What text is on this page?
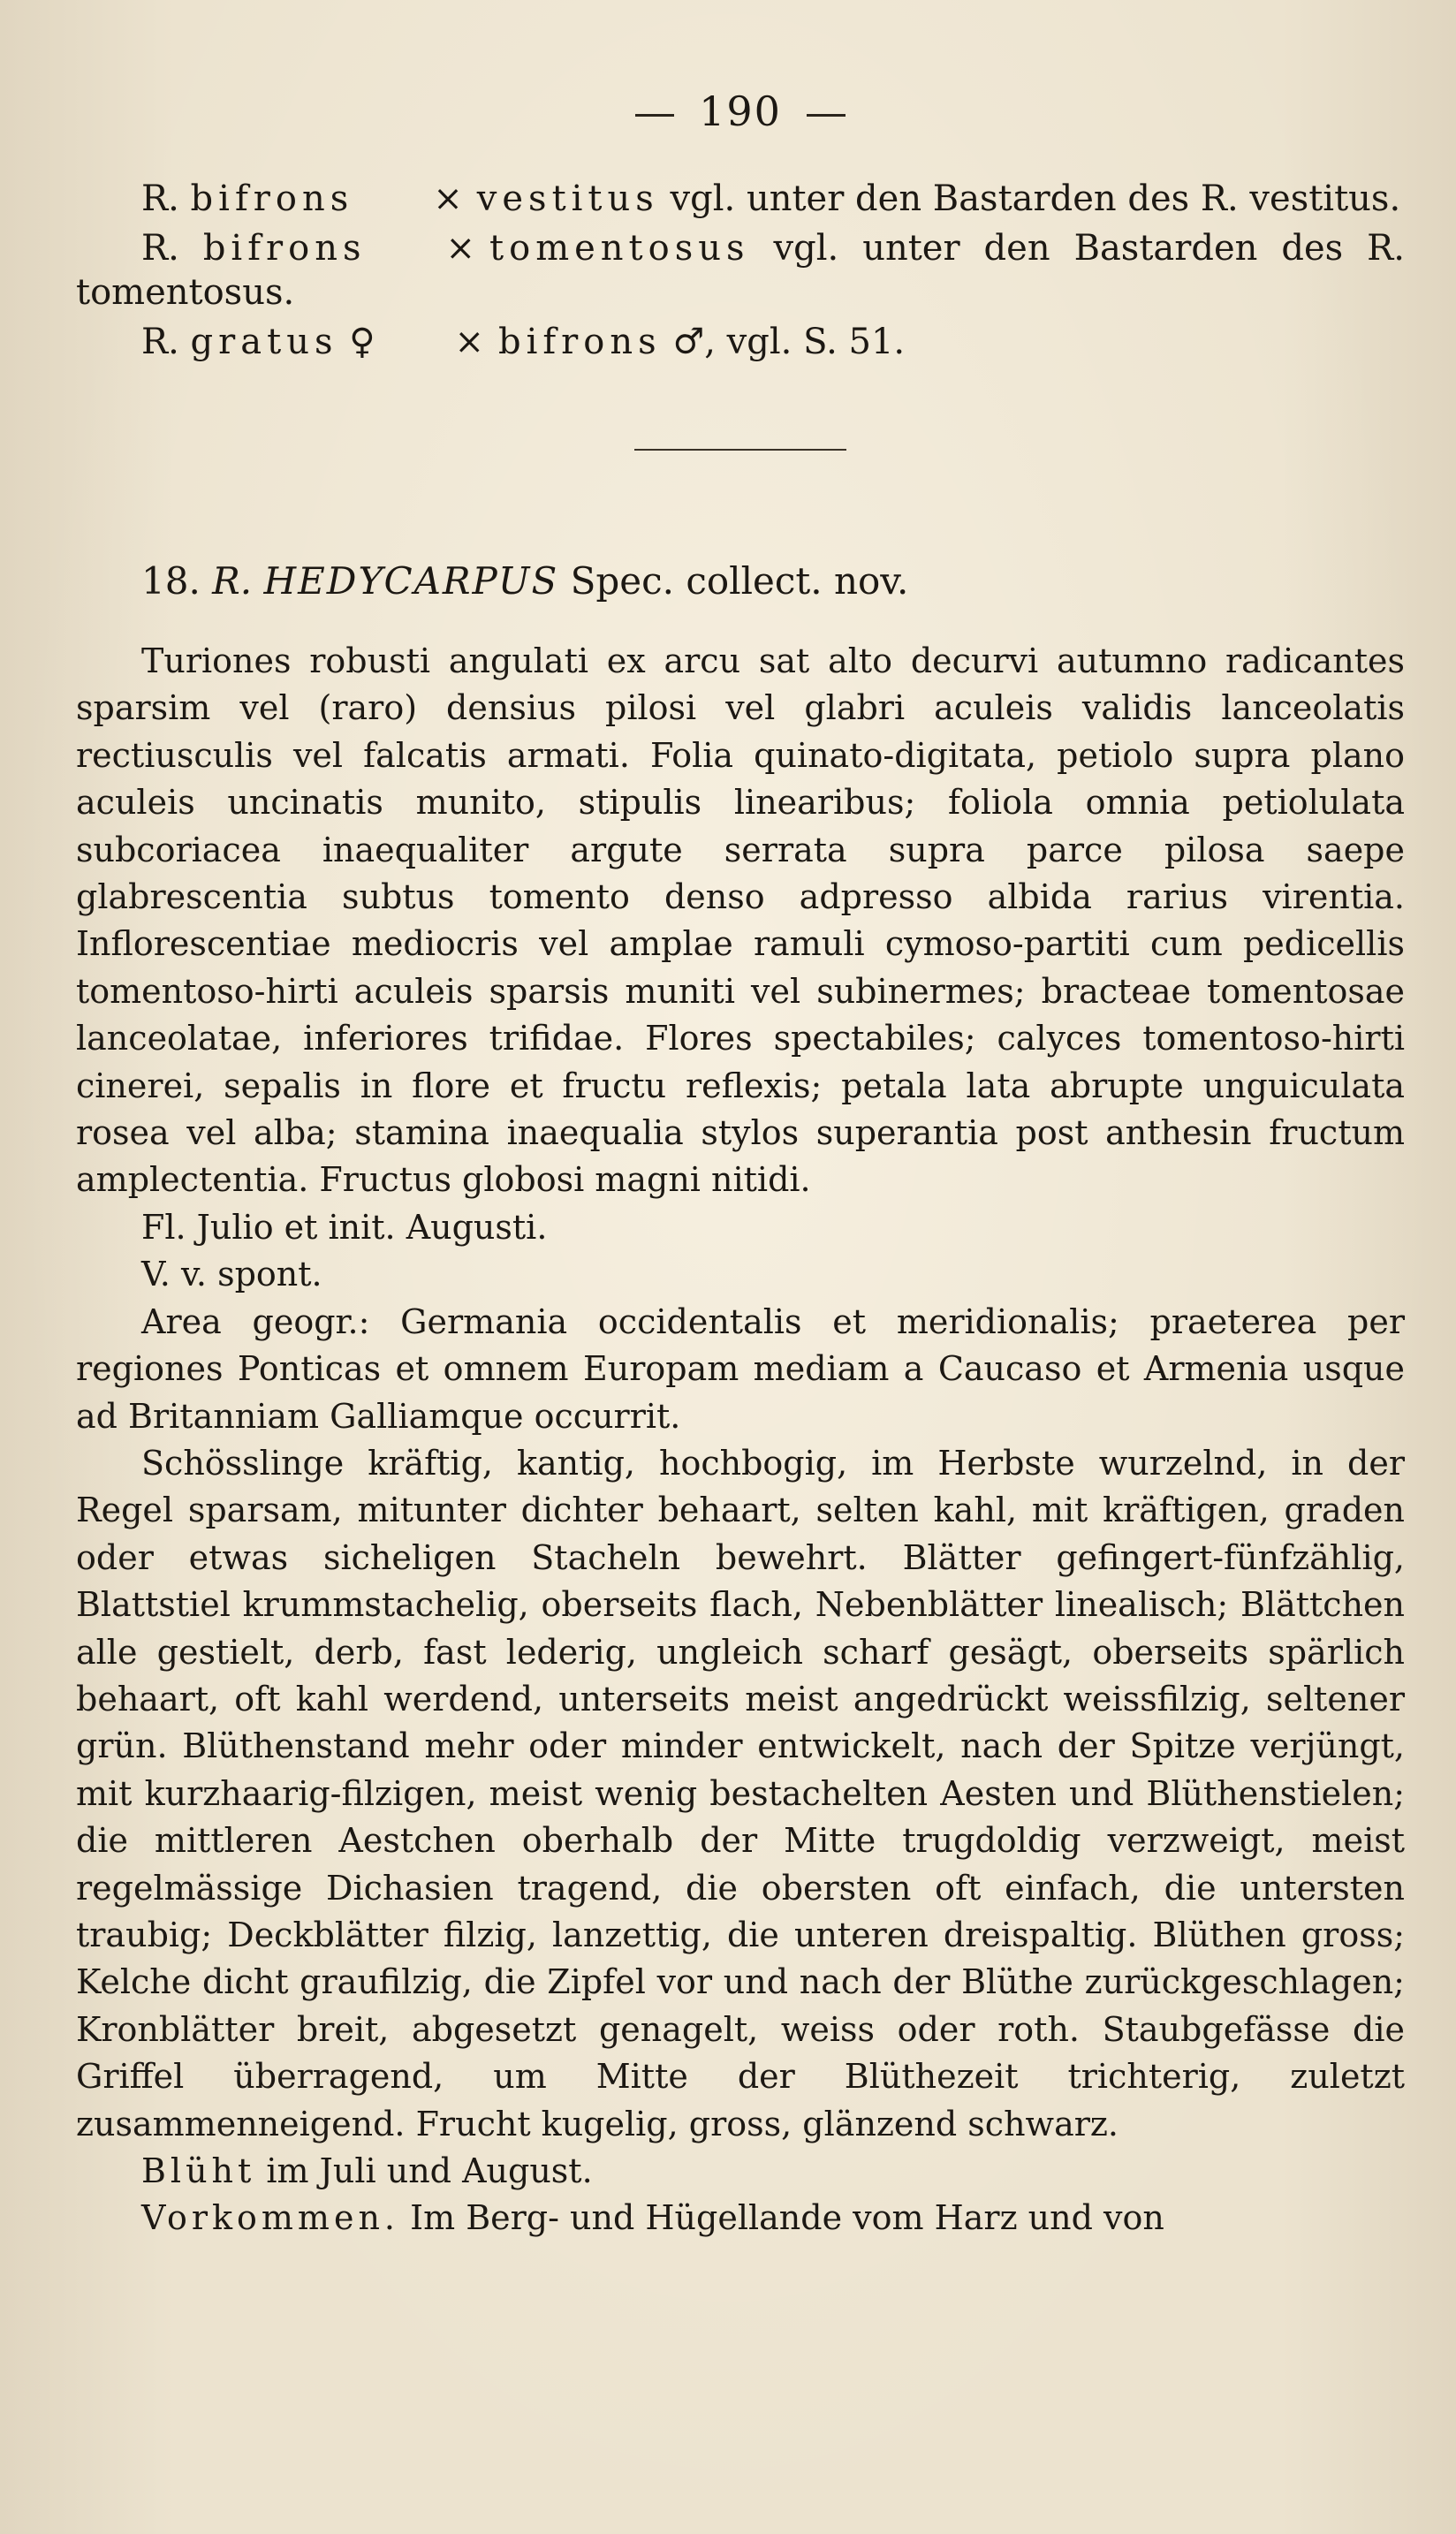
190

R. bifrons × vestitus vgl. unter den Bastarden des R. vestitus.

R. bifrons × tomentosus vgl. unter den Bastarden des R. tomentosus.

R. gratus ♀ × bifrons ♂, vgl. S. 51.

18. R. HEDYCARPUS Spec. collect. nov.

Turiones robusti angulati ex arcu sat alto decurvi autumno radicantes sparsim vel (raro) densius pilosi vel glabri aculeis validis lanceolatis rectiusculis vel falcatis armati. Folia quinato-digitata, petiolo supra plano aculeis uncinatis munito, stipulis linearibus; foliola omnia petiolulata subcoriacea inaequaliter argute serrata supra parce pilosa saepe glabrescentia subtus tomento denso adpresso albida rarius virentia. Inflorescentiae mediocris vel amplae ramuli cymoso-partiti cum pedicellis tomentoso-hirti aculeis sparsis muniti vel subinermes; bracteae tomentosae lanceolatae, inferiores trifidae. Flores spectabiles; calyces tomentoso-hirti cinerei, sepalis in flore et fructu reflexis; petala lata abrupte unguiculata rosea vel alba; stamina inaequalia stylos superantia post anthesin fructum amplectentia. Fructus globosi magni nitidi.

Fl. Julio et init. Augusti.

V. v. spont.

Area geogr.: Germania occidentalis et meridionalis; praeterea per regiones Ponticas et omnem Europam mediam a Caucaso et Armenia usque ad Britanniam Galliamque occurrit.

Schösslinge kräftig, kantig, hochbogig, im Herbste wurzelnd, in der Regel sparsam, mitunter dichter behaart, selten kahl, mit kräftigen, graden oder etwas sicheligen Stacheln bewehrt. Blätter gefingert-fünfzählig, Blattstiel krummstachelig, oberseits flach, Nebenblätter linealisch; Blättchen alle gestielt, derb, fast lederig, ungleich scharf gesägt, oberseits spärlich behaart, oft kahl werdend, unterseits meist angedrückt weissfilzig, seltener grün. Blüthenstand mehr oder minder entwickelt, nach der Spitze verjüngt, mit kurzhaarig-filzigen, meist wenig bestachelten Aesten und Blüthenstielen; die mittleren Aestchen oberhalb der Mitte trugdoldig verzweigt, meist regelmässige Dichasien tragend, die obersten oft einfach, die untersten traubig; Deckblätter filzig, lanzettig, die unteren dreispaltig. Blüthen gross; Kelche dicht graufilzig, die Zipfel vor und nach der Blüthe zurückgeschlagen; Kronblätter breit, abgesetzt genagelt, weiss oder roth. Staubgefässe die Griffel überragend, um Mitte der Blüthezeit trichterig, zuletzt zusammenneigend. Frucht kugelig, gross, glänzend schwarz.

Blüht im Juli und August.

Vorkommen. Im Berg- und Hügellande vom Harz und von
